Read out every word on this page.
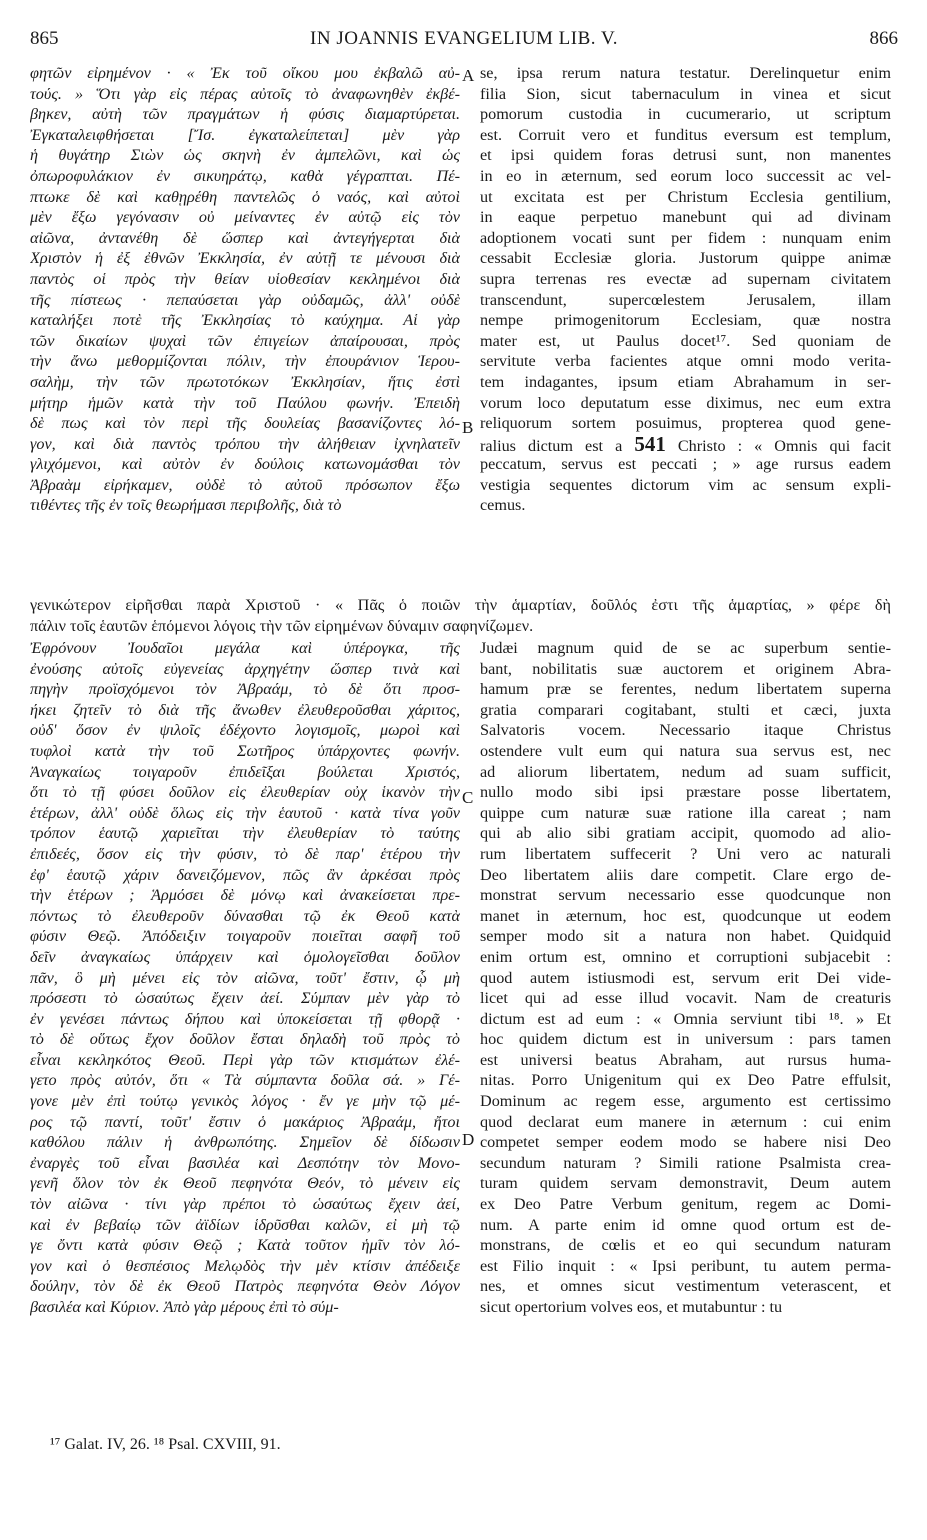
865	IN JOANNIS EVANGELIUM LIB. V.	866
φητῶν εἰρημένον · « Ἐκ τοῦ οἴκου μου ἐκβαλῶ αὐ-
τούς. » Ὅτι γὰρ εἰς πέρας αὐτοῖς τὸ ἀναφωνηθὲν ἐκβέ-
βηκεν, αὐτὴ τῶν πραγμάτων ἡ φύσις διαμαρτύρεται.
Ἐγκαταλειφθήσεται [Ἴσ. ἐγκαταλείπεται] μὲν γὰρ
ἡ θυγάτηρ Σιὼν ὡς σκηνὴ ἐν ἀμπελῶνι, καὶ ὡς
ὀπωροφυλάκιον ἐν σικυηράτῳ, καθὰ γέγραπται. Πέ-
πτωκε δὲ καὶ καθῃρέθη παντελῶς ὁ ναός, καὶ αὐτοὶ
μὲν ἔξω γεγόνασιν οὐ μείναντες ἐν αὐτῷ εἰς τὸν
αἰῶνα, ἀντανέθη δὲ ὥσπερ καὶ ἀντεγήγερται διὰ
Χριστὸν ἡ ἐξ ἐθνῶν Ἐκκλησία, ἐν αὐτῇ τε μένουσι διὰ
παντὸς οἱ πρὸς τὴν θείαν υἱοθεσίαν κεκλημένοι διὰ
τῆς πίστεως · πεπαύσεται γὰρ οὐδαμῶς, ἀλλ' οὐδὲ
καταλήξει ποτὲ τῆς Ἐκκλησίας τὸ καύχημα. Αἱ γὰρ
τῶν δικαίων ψυχαὶ τῶν ἐπιγείων ἀπαίρουσαι, πρὸς
τὴν ἄνω μεθορμίζονται πόλιν, τὴν ἐπουράνιον Ἱερου-
σαλὴμ, τὴν τῶν πρωτοτόκων Ἐκκλησίαν, ἥτις ἐστὶ
μήτηρ ἡμῶν κατὰ τὴν τοῦ Παύλου φωνήν. Ἐπειδὴ
δὲ πως καὶ τὸν περὶ τῆς δουλείας βασανίζοντες λό-
γον, καὶ διὰ παντὸς τρόπου τὴν ἀλήθειαν ἰχνηλατεῖν
γλιχόμενοι, καὶ αὐτὸν ἐν δούλοις κατωνομάσθαι τὸν
Ἀβραὰμ εἰρήκαμεν, οὐδὲ τὸ αὐτοῦ πρόσωπον ἔξω
τιθέντες τῆς ἐν τοῖς θεωρήμασι περιβολῆς, διὰ τὸ
se, ipsa rerum natura testatur. Derelinquetur enim
filia Sion, sicut tabernaculum in vinea et sicut
pomorum custodia in cucumerario, ut scriptum
est. Corruit vero et funditus eversum est templum,
et ipsi quidem foras detrusi sunt, non manentes
in eo in æternum, sed eorum loco successit ac vel-
ut excitata est per Christum Ecclesia gentilium,
in eaque perpetuo manebunt qui ad divinam
adoptionem vocati sunt per fidem : nunquam enim
cessabit Ecclesiæ gloria. Justorum quippe animæ
supra terrenas res evectæ ad supernam civitatem
transcendunt, supercœlestem Jerusalem, illam
nempe primogenitorum Ecclesiam, quæ nostra
mater est, ut Paulus docet¹⁷. Sed quoniam de
servitute verba facientes atque omni modo verita-
tem indagantes, ipsum etiam Abrahamum in ser-
vorum loco deputatum esse diximus, nec eum extra
reliquorum sortem posuimus, propterea quod gene-
ralius dictum est a 541 Christo : « Omnis qui facit
peccatum, servus est peccati ; » age rursus eadem
vestigia sequentes dictorum vim ac sensum expli-
cemus.
γενικώτερον εἰρῆσθαι παρὰ Χριστοῦ · « Πᾶς ὁ ποιῶν τὴν ἁμαρτίαν, δοῦλός ἐστι τῆς ἁμαρτίας, » φέρε δὴ
πάλιν τοῖς ἑαυτῶν ἑπόμενοι λόγοις τὴν τῶν εἰρημένων δύναμιν σαφηνίζωμεν.
Ἐφρόνουν Ἰουδαῖοι μεγάλα καὶ ὑπέρογκα, τῆς
ἐνούσης αὐτοῖς εὐγενείας ἀρχηγέτην ὥσπερ τινὰ καὶ
πηγὴν προϊσχόμενοι τὸν Ἀβραάμ, τὸ δὲ ὅτι προσ-
ήκει ζητεῖν τὸ διὰ τῆς ἄνωθεν ἐλευθεροῦσθαι χάριτος,
οὐδ' ὅσον ἐν ψιλοῖς ἐδέχοντο λογισμοῖς, μωροὶ καὶ
τυφλοὶ κατὰ τὴν τοῦ Σωτῆρος ὑπάρχοντες φωνήν.
Ἀναγκαίως τοιγαροῦν ἐπιδεῖξαι βούλεται Χριστός,
ὅτι τὸ τῇ φύσει δοῦλον εἰς ἐλευθερίαν οὐχ ἱκανὸν τὴν
ἑτέρων, ἀλλ' οὐδὲ ὅλως εἰς τὴν ἑαυτοῦ · κατὰ τίνα γοῦν
τρόπον ἑαυτῷ χαριεῖται τὴν ἐλευθερίαν τὸ ταύτης
ἐπιδεές, ὅσον εἰς τὴν φύσιν, τὸ δὲ παρ' ἑτέρου τὴν
ἐφ' ἑαυτῷ χάριν δανειζόμενον, πῶς ἂν ἀρκέσαι πρὸς
τὴν ἑτέρων ; Ἁρμόσει δὲ μόνῳ καὶ ἀνακείσεται πρε-
πόντως τὸ ἐλευθεροῦν δύνασθαι τῷ ἐκ Θεοῦ κατὰ
φύσιν Θεῷ. Ἀπόδειξιν τοιγαροῦν ποιεῖται σαφῆ τοῦ
δεῖν ἀναγκαίως ὑπάρχειν καὶ ὁμολογεῖσθαι δοῦλον
πᾶν, ὃ μὴ μένει εἰς τὸν αἰῶνα, τοῦτ' ἔστιν, ᾧ μὴ
πρόσεστι τὸ ὡσαύτως ἔχειν ἀεί. Σύμπαν μὲν γὰρ τὸ
ἐν γενέσει πάντως δήπου καὶ ὑποκείσεται τῇ φθορᾷ ·
τὸ δὲ οὕτως ἔχον δοῦλον ἔσται δηλαδὴ τοῦ πρὸς τὸ
εἶναι κεκληκότος Θεοῦ. Περὶ γὰρ τῶν κτισμάτων ἐλέ-
γετο πρὸς αὐτόν, ὅτι « Τὰ σύμπαντα δοῦλα σά. » Γέ-
γονε μὲν ἐπὶ τούτῳ γενικὸς λόγος · ἔν γε μὴν τῷ μέ-
ρος τῷ παντί, τοῦτ' ἔστιν ὁ μακάριος Ἀβραάμ, ἤτοι
καθόλου πάλιν ἡ ἀνθρωπότης. Σημεῖον δὲ δίδωσιν
ἐναργὲς τοῦ εἶναι βασιλέα καὶ Δεσπότην τὸν Μονο-
γενῆ ὅλον τὸν ἐκ Θεοῦ πεφηνότα Θεόν, τὸ μένειν εἰς
τὸν αἰῶνα · τίνι γὰρ πρέποι τὸ ὡσαύτως ἔχειν ἀεί,
καὶ ἐν βεβαίῳ τῶν ἀϊδίων ἱδρῦσθαι καλῶν, εἰ μὴ τῷ
γε ὄντι κατὰ φύσιν Θεῷ ; Κατὰ τοῦτον ἡμῖν τὸν λό-
γον καὶ ὁ θεσπέσιος Μελῳδὸς τὴν μὲν κτίσιν ἀπέδειξε
δούλην, τὸν δὲ ἐκ Θεοῦ Πατρὸς πεφηνότα Θεὸν Λόγον
βασιλέα καὶ Κύριον. Ἀπὸ γὰρ μέρους ἐπὶ τὸ σύμ-
Judæi magnum quid de se ac superbum sentie-
bant, nobilitatis suæ auctorem et originem Abra-
hamum præ se ferentes, nedum libertatem superna
gratia comparari cogitabant, stulti et cæci, juxta
Salvatoris vocem. Necessario itaque Christus
ostendere vult eum qui natura sua servus est, nec
ad aliorum libertatem, nedum ad suam sufficit,
nullo modo sibi ipsi præstare posse libertatem,
quippe cum naturæ suæ ratione illa careat ; nam
qui ab alio sibi gratiam accipit, quomodo ad alio-
rum libertatem suffecerit ? Uni vero ac naturali
Deo libertatem aliis dare competit. Clare ergo de-
monstrat servum necessario esse quodcunque non
manet in æternum, hoc est, quodcunque ut eodem
semper modo sit a natura non habet. Quidquid
enim ortum est, omnino et corruptioni subjacebit :
quod autem istiusmodi est, servum erit Dei vide-
licet qui ad esse illud vocavit. Nam de creaturis
dictum est ad eum : « Omnia serviunt tibi ¹⁸. » Et
hoc quidem dictum est in universum : pars tamen
est universi beatus Abraham, aut rursus huma-
nitas. Porro Unigenitum qui ex Deo Patre effulsit,
Dominum ac regem esse, argumento est certissimo
quod declarat eum manere in æternum : cui enim
competet semper eodem modo se habere nisi Deo
secundum naturam ? Simili ratione Psalmista crea-
turam quidem servam demonstravit, Deum autem
ex Deo Patre Verbum genitum, regem ac Domi-
num. A parte enim id omne quod ortum est de-
monstrans, de cœlis et eo qui secundum naturam
est Filio inquit : « Ipsi peribunt, tu autem perma-
nes, et omnes sicut vestimentum veterascent, et
sicut opertorium volves eos, et mutabuntur : tu
A
B
C
D
¹⁷ Galat. IV, 26. ¹⁸ Psal. CXVIII, 91.
